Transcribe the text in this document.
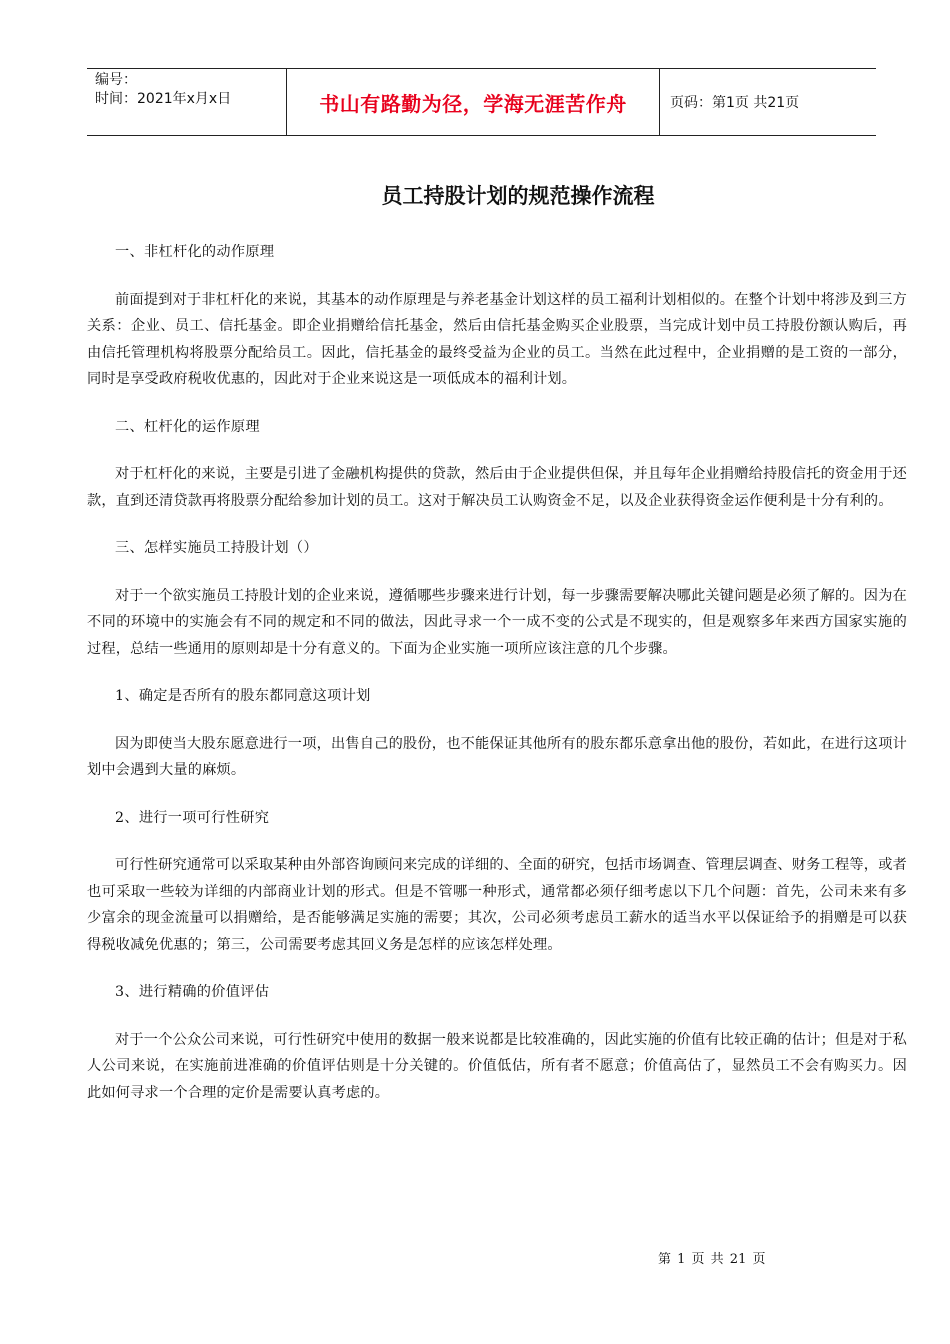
编号：
时间：2021年x月x日	书山有路勤为径，学海无涯苦作舟	页码：第1页 共21页
员工持股计划的规范操作流程

一、非杠杆化的动作原理

前面提到对于非杠杆化的来说，其基本的动作原理是与养老基金计划这样的员工福利计划相似的。在整个计划中将涉及到三方关系：企业、员工、信托基金。即企业捐赠给信托基金，然后由信托基金购买企业股票，当完成计划中员工持股份额认购后，再由信托管理机构将股票分配给员工。因此，信托基金的最终受益为企业的员工。当然在此过程中，企业捐赠的是工资的一部分，同时是享受政府税收优惠的，因此对于企业来说这是一项低成本的福利计划。

二、杠杆化的运作原理

对于杠杆化的来说，主要是引进了金融机构提供的贷款，然后由于企业提供但保，并且每年企业捐赠给持股信托的资金用于还款，直到还清贷款再将股票分配给参加计划的员工。这对于解决员工认购资金不足，以及企业获得资金运作便利是十分有利的。

三、怎样实施员工持股计划（）

对于一个欲实施员工持股计划的企业来说，遵循哪些步骤来进行计划，每一步骤需要解决哪此关键问题是必须了解的。因为在不同的环境中的实施会有不同的规定和不同的做法，因此寻求一个一成不变的公式是不现实的，但是观察多年来西方国家实施的过程，总结一些通用的原则却是十分有意义的。下面为企业实施一项所应该注意的几个步骤。

1、确定是否所有的股东都同意这项计划

因为即使当大股东愿意进行一项，出售自己的股份，也不能保证其他所有的股东都乐意拿出他的股份，若如此，在进行这项计划中会遇到大量的麻烦。

2、进行一项可行性研究

可行性研究通常可以采取某种由外部咨询顾问来完成的详细的、全面的研究，包括市场调查、管理层调查、财务工程等，或者也可采取一些较为详细的内部商业计划的形式。但是不管哪一种形式，通常都必须仔细考虑以下几个问题：首先，公司未来有多少富余的现金流量可以捐赠给，是否能够满足实施的需要；其次，公司必须考虑员工薪水的适当水平以保证给予的捐赠是可以获得税收减免优惠的；第三，公司需要考虑其回义务是怎样的应该怎样处理。

3、进行精确的价值评估

对于一个公众公司来说，可行性研究中使用的数据一般来说都是比较准确的，因此实施的价值有比较正确的估计；但是对于私人公司来说，在实施前进准确的价值评估则是十分关键的。价值低估，所有者不愿意；价值高估了，显然员工不会有购买力。因此如何寻求一个合理的定价是需要认真考虑的。

第 1 页 共 21 页
